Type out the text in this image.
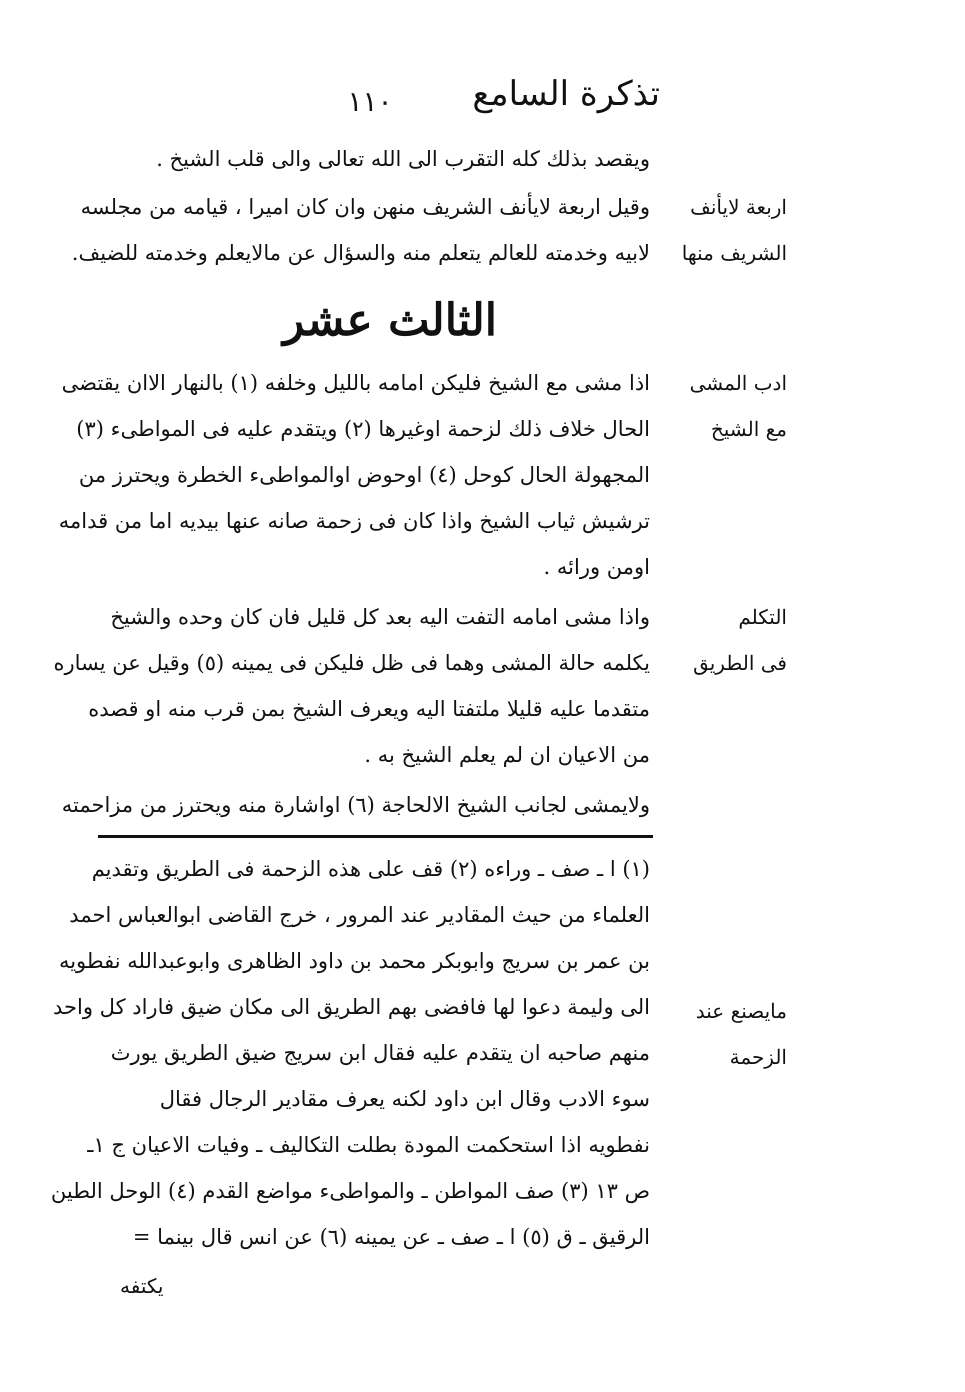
تذكرة السامع
١١٠
ويقصد بذلك كله التقرب الى الله تعالى والى قلب الشيخ .
اربعة لايأنف
الشريف منها

وقيل اربعة لايأنف الشريف منهن وان كان اميرا ، قيامه من مجلسه

لابيه وخدمته للعالم يتعلم منه والسؤال عن مالايعلم وخدمته للضيف.

الثالث عشر
ادب المشى
مع الشيخ

اذا مشى مع الشيخ فليكن امامه بالليل وخلفه (١) بالنهار الاان يقتضى

الحال خلاف ذلك لزحمة اوغيرها (٢) ويتقدم عليه فى المواطىء (٣)

المجهولة الحال كوحل (٤) اوحوض اوالمواطىء الخطرة ويحترز من

ترشيش ثياب الشيخ واذا كان فى زحمة صانه عنها بيديه اما من قدامه

اومن ورائه .

التكلم
فى الطريق

واذا مشى امامه التفت اليه بعد كل قليل فان كان وحده والشيخ

يكلمه حالة المشى وهما فى ظل فليكن فى يمينه (٥) وقيل عن يساره

متقدما عليه قليلا ملتفتا اليه ويعرف الشيخ بمن قرب منه او قصده

من الاعيان ان لم يعلم الشيخ به .

ولايمشى لجانب الشيخ الالحاجة (٦) اواشارة منه ويحترز من مزاحمته
مايصنع عند
الزحمة

(١) ا ـ صف ـ وراءه (٢) قف على هذه الزحمة فى الطريق وتقديم

العلماء من حيث المقادير عند المرور ، خرج القاضى ابوالعباس احمد

بن عمر بن سريج وابوبكر محمد بن داود الظاهرى وابوعبدالله نفطويه

الى وليمة دعوا لها فافضى بهم الطريق الى مكان ضيق فاراد كل واحد

منهم صاحبه ان يتقدم عليه فقال ابن سريج ضيق الطريق يورث

سوء الادب وقال ابن داود لكنه يعرف مقادير الرجال فقال

نفطويه اذا استحكمت المودة بطلت التكاليف ـ وفيات الاعيان ج ١ـ

ص ١٣ (٣) صف المواطن ـ والمواطىء مواضع القدم (٤) الوحل الطين

الرقيق ـ ق (٥) ا ـ صف ـ عن يمينه (٦) عن انس قال بينما =

يكتفه
